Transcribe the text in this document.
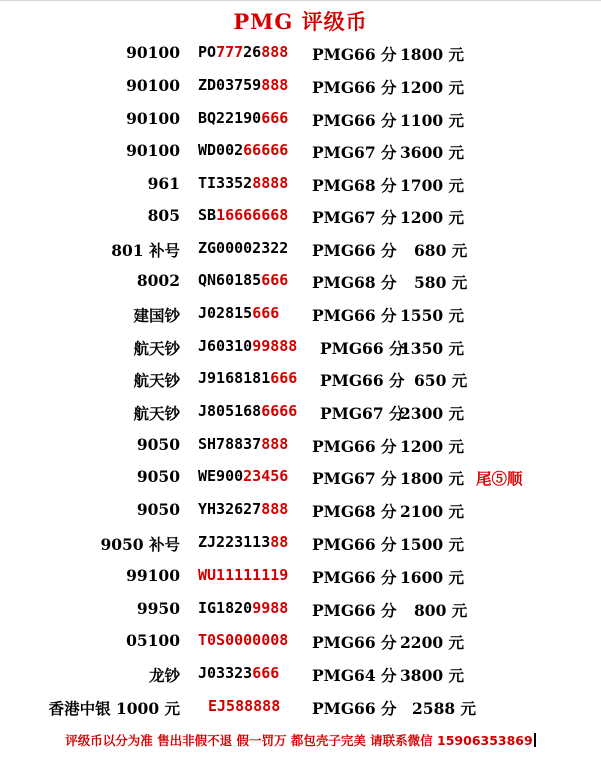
PMG 评级币
90100 PO77726888 PMG66 分 1800 元
90100 ZD03759888 PMG66 分 1200 元
90100 BQ22190666 PMG66 分 1100 元
90100 WD00266666 PMG67 分 3600 元
961 TI33528888 PMG68 分 1700 元
805 SB16666668 PMG67 分 1200 元
801 补号 ZG00002322 PMG66 分 680 元
8002 QN60185666 PMG68 分 580 元
建国钞 J02815666 PMG66 分 1550 元
航天钞 J6031099888 PMG66 分
1350 元
航天钞 J9168181666 PMG66 分 650 元
航天钞 J8051686666 PMG67 分
2300 元
9050 SH78837888 PMG66 分 1200 元
9050 WE90023456 PMG67 分 1800 元 尾⑤顺
9050 YH32627888 PMG68 分 2100 元
9050 补号 ZJ22311388 PMG66 分 1500 元
99100 WU11111119 PMG66 分 1600 元
9950 IG18209988 PMG66 分 800 元
05100 T0S0000008 PMG66 分 2200 元
龙钞 J03323666 PMG64 分 3800 元
香港中银 1000 元 EJ588888 PMG66 分 2588 元
评级币以分为准 售出非假不退 假一罚万 都包壳子完美 请联系微信 15906353869
